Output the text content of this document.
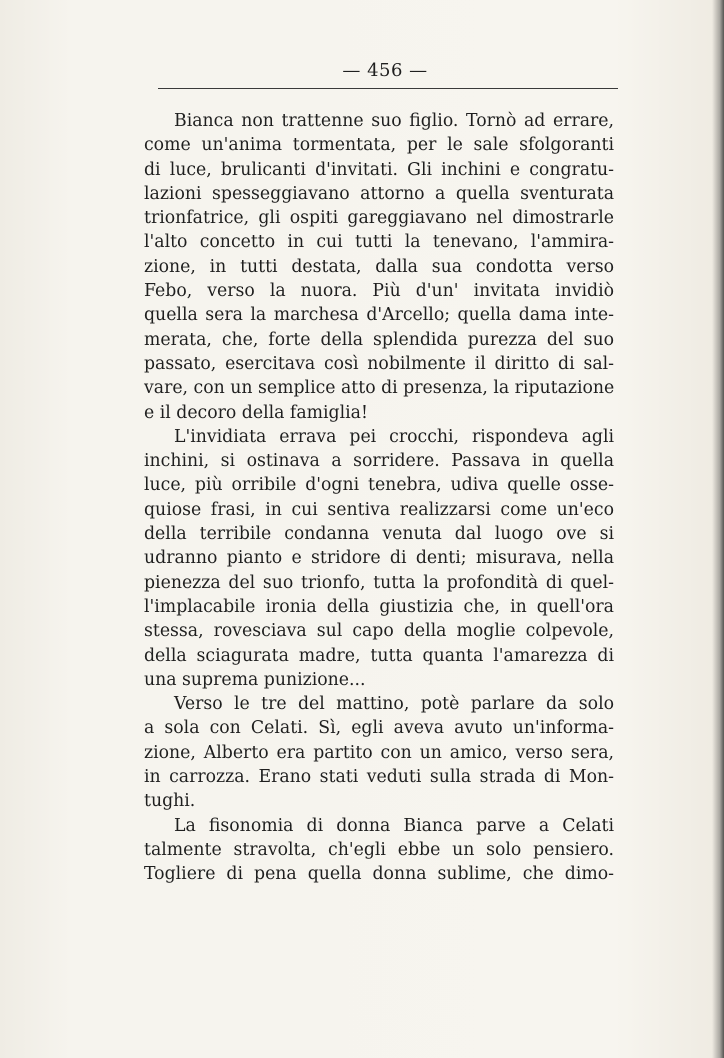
— 456 —
Bianca non trattenne suo figlio. Tornò ad errare,
come un'anima tormentata, per le sale sfolgoranti
di luce, brulicanti d'invitati. Gli inchini e congratu-
lazioni spesseggiavano attorno a quella sventurata
trionfatrice, gli ospiti gareggiavano nel dimostrarle
l'alto concetto in cui tutti la tenevano, l'ammira-
zione, in tutti destata, dalla sua condotta verso
Febo, verso la nuora. Più d'un' invitata invidiò
quella sera la marchesa d'Arcello; quella dama inte-
merata, che, forte della splendida purezza del suo
passato, esercitava così nobilmente il diritto di sal-
vare, con un semplice atto di presenza, la riputazione
e il decoro della famiglia!
L'invidiata errava pei crocchi, rispondeva agli
inchini, si ostinava a sorridere. Passava in quella
luce, più orribile d'ogni tenebra, udiva quelle osse-
quiose frasi, in cui sentiva realizzarsi come un'eco
della terribile condanna venuta dal luogo ove si
udranno pianto e stridore di denti; misurava, nella
pienezza del suo trionfo, tutta la profondità di quel-
l'implacabile ironia della giustizia che, in quell'ora
stessa, rovesciava sul capo della moglie colpevole,
della sciagurata madre, tutta quanta l'amarezza di
una suprema punizione...
Verso le tre del mattino, potè parlare da solo
a sola con Celati. Sì, egli aveva avuto un'informa-
zione, Alberto era partito con un amico, verso sera,
in carrozza. Erano stati veduti sulla strada di Mon-
tughi.
La fisonomia di donna Bianca parve a Celati
talmente stravolta, ch'egli ebbe un solo pensiero.
Togliere di pena quella donna sublime, che dimo-
